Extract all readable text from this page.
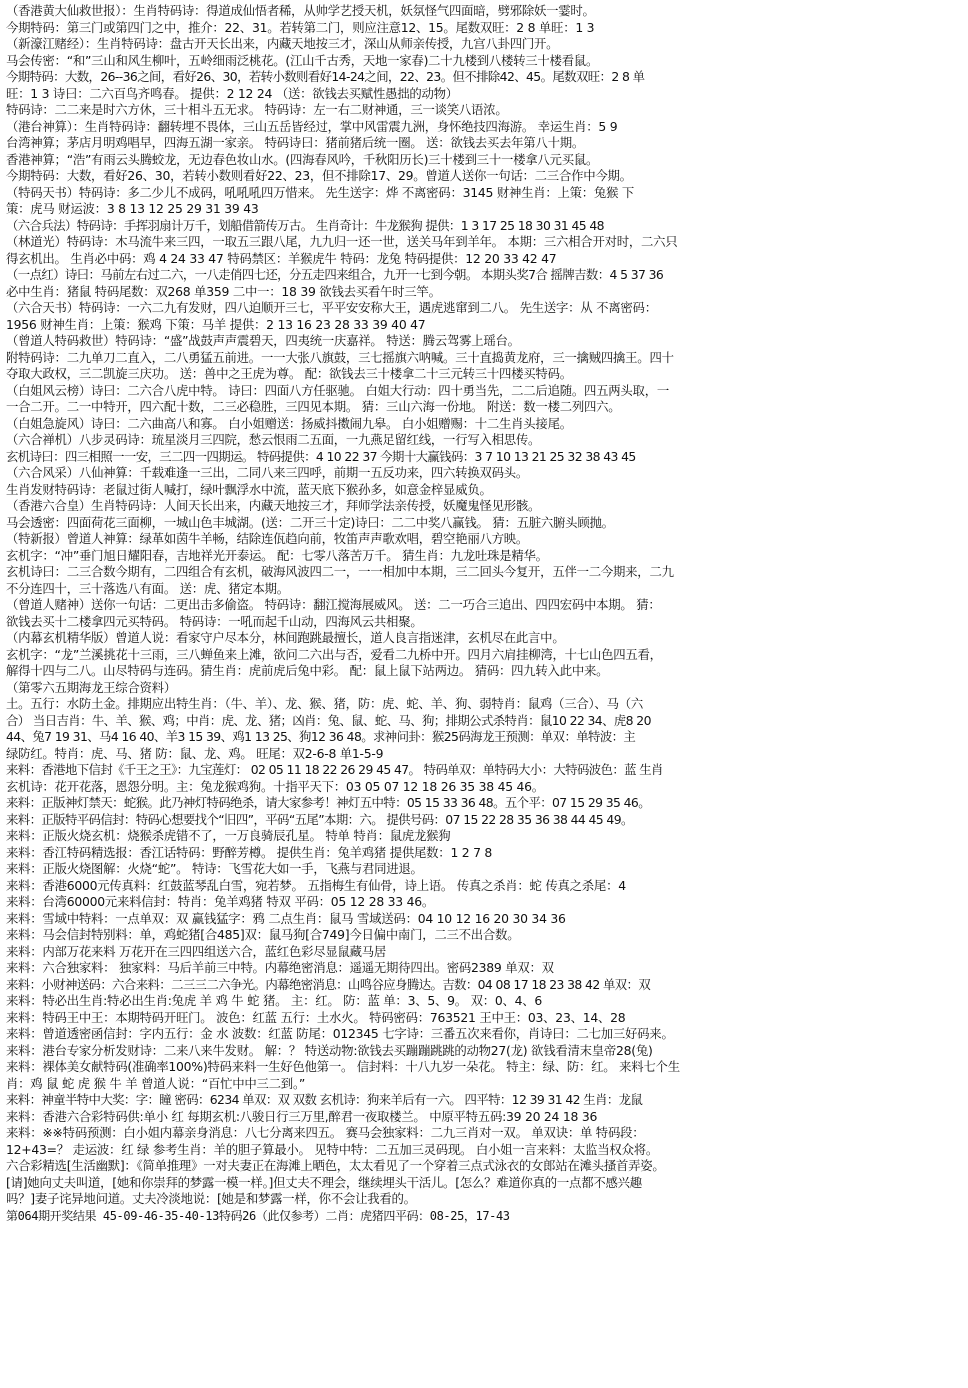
（香港黄大仙救世报）：生肖特码诗：得道成仙悟者稀，从帅学艺授天机，妖氛怪气四面暗，劈邪除妖一霎时。
今期特码：第三门或第四门之中，推介：22、31。若转第二门，则应注意12、15。尾数双旺：2 8 单旺：1 3
（新濠江赌经）：生肖特码诗：盘古开天长出来，内藏天地按三才，深山从师亲传授，九宫八卦四门开。
马会传密：“和”三山和风生柳叶，五岭细雨泛桃花。(江山千古秀，天地一家春)二十九楼到八楼转三十楼看鼠。
今期特码：大数，26--36之间，看好26、30，若转小数则看好14-24之间，22、23。但不排除42、45。尾数双旺：2 8 单
旺：1 3 诗曰：二六百鸟齐鸣春。 提供：2 12 24 （送：欲钱去买赋性愚拙的动物）
特码诗：二二来是时六方休，三十相斗五无求。 特码诗：左一右二财神通，三一谈笑八语浓。
（港台神算）：生肖特码诗：翻转埋不畏体，三山五岳皆经过，掌中风雷震九洲，身怀绝技四海游。 幸运生肖：5 9
台湾神算；茅店月明鸡唱早，四海五湖一家亲。 特码诗曰：猪前猪后统一圈。 送：欲钱去买去年第八十期。
香港神算；“浩”有雨云头腾蛟龙，无边春色妆山水。(四海春风吟，千秋阳历长)三十楼到三十一楼拿八元买鼠。
今期特码：大数，看好26、30，若转小数则看好22、23，但不排除17、29。曾道人送你一句话：二三合作中今期。
（特码天书）特码诗：多二少儿不成码，吼吼吼四万惜来。 先生送字：烨 不离密码：3145 财神生肖：上策：兔猴 下
策：虎马 财运波：3 8 13 12 25 29 31 39 43
（六合兵法）特码诗：手挥羽扇计万千，划船借箭传万古。 生肖奇计：牛龙猴狗 提供：1 3 17 25 18 30 31 45 48
（林道光）特码诗：木马流牛来三四，一取五三跟八尾，九九归一还一世，送关马年到羊年。 本期：三六相合开对时，二六只
得玄机出。 生肖必中码：鸡 4 24 33 47 特码禁区：羊猴虎牛 特码：龙兔 特码提供：12 20 33 42 47
（一点红）诗曰：马前左右过二六，一八走俏四七还，分五走四来组合，九开一七到今朝。 本期头奖7合 摇牌吉数：4 5 37 36
必中生肖：猪鼠 特码尾数：双268 单359 二中一：18 39 欲钱去买看午时三竿。
（六合天书）特码诗：一六二九有发财，四八迫顺开三七，平平安安称大王，遇虎逃窜到二八。 先生送字：从 不离密码：
1956 财神生肖：上策：猴鸡 下策：马羊 提供：2 13 16 23 28 33 39 40 47
（曾道人特码救世）特码诗：“盛”战鼓声声震碧天，四夷统一庆嘉祥。 特送：腾云驾雾上瑶台。
附特码诗：二九单刀二直入，二八勇猛五前进。一一大张八旗鼓，三七摇旗六呐喊。三十直捣黄龙府，三一擒贼四擒王。四十
夺取大政权，三二凯旋三庆功。 送：兽中之王虎为尊。 配：欲钱去三十楼拿二十三元转三十四楼买特码。
（白姐风云榜）诗曰：二六合八虎中特。 诗曰：四面八方任驱驰。 白姐大行动：四十勇当先，二二后追随。四五两头取，一
一合二开。二一中特开，四六配十数，二三必稳胜，三四见本期。 猜：三山六海一份地。 附送：数一楼二列四六。
（白姐急旋风）诗曰：二六曲高八和寡。 白小姐赠送：扬威抖擞闹九皋。 白小姐赠赐：十二生肖头接尾。
（六合禅机）八步灵码诗：琉星淡月三四院，愁云恨雨二五面，一九燕足留红线，一行写入相思传。
玄机诗曰：四三相照一一安，三二四一四期运。 特码提供：4 10 22 37 今期十大赢钱码：3 7 10 13 21 25 32 38 43 45
（六合风采）八仙神算：千载难逢一三出，二同八来三四呼，前期一五反功来，四六转换双码头。
生肖发财特码诗：老鼠过街人喊打，绿叶飘浮水中流，蓝天底下猴孙多，如意金梓显威负。
（香港六合皇）生肖特码诗：人间天长出来，内藏天地按三才，拜师学法亲传授，妖魔鬼怪见形骸。
马会透密：四面荷花三面柳，一城山色丰城湖。(送：二开三十定)诗曰：二二中奖八赢钱。 猜：五脏六腑头顾抛。
（特新报）曾道人神算：绿革如茵牛羊畅，结除连佤趋向前，牧笛声声歌欢唱，碧空艳丽八方映。
玄机字：“冲”垂门旭日耀阳春，吉地祥光开泰运。 配：七零八落苦万千。 猜生肖：九龙吐珠是精华。
玄机诗曰：二三合数今期有，二四组合有玄机，破海风波四二一，一一相加中本期，三二回头今复开，五伴一二今期来，二九
不分连四十，三十落选八有面。 送：虎、猪定本期。
（曾道人赌神）送你一句话：二更出击多偷盗。 特码诗：翻江搅海展威风。 送：二一巧合三追出、四四宏码中本期。 猜：
欲钱去买十二楼拿四元买特码。 特码诗：一吼而起千山动，四海风云共相聚。
（内幕玄机精华版）曾道人说：看家守户尽本分，林间跑跳最擅长，道人良言指迷津，玄机尽在此言中。
玄机字：“龙”兰溪挑花十三雨，三八蝉鱼来上滩，欲问二六出与否，爱看二九桥中开。四月六肩挂柳湾，十七山色四五看，
解得十四与二八。山尽特码与连码。猜生肖：虎前虎后兔中彩。 配：鼠上鼠下站两边。 猜码：四九转入此中来。
（第零六五期海龙王综合资料）
土。五行：水防土金。排期应出特生肖：（牛、羊）、龙、猴、猪，防：虎、蛇、羊、狗、弱特肖：鼠鸡（三合）、马（六
合） 当日吉肖：牛、羊、猴、鸡；中肖：虎、龙、猪；凶肖：兔、鼠、蛇、马、狗；排期公式杀特肖：鼠10 22 34、虎8 20
44、兔7 19 31、马4 16 40、羊3 15 39、鸡1 13 25、狗12 36 48。求神问卦：猴25码海龙王预测：单双：单特波：主
绿防红。特肖：虎、马、猪 防：鼠、龙、鸡。 旺尾：双2-6-8 单1-5-9
来料：香港地下信封《千王之王》：九宝莲灯： 02 05 11 18 22 26 29 45 47。 特码单双：单特码大小：大特码波色：蓝 生肖
玄机诗：花开花落，恩怨分明。主：兔龙猴鸡狗。十指平天下：03 05 07 12 18 26 35 38 45 46。
来料：正版神灯禁天：蛇猴。此乃神灯特码绝杀，请大家参考！神灯五中特：05 15 33 36 48。五个平：07 15 29 35 46。
来料：正版特平码信封：特码心想要找个“旧四”，平码“五尾”本期：六。 提供号码：07 15 22 28 35 36 38 44 45 49。
来料：正版火烧玄机：烧猴杀虎错不了，一万良骑辰孔星。 特单 特肖：鼠虎龙猴狗
来料：香江特码精选报：香江话特码：野醉芳樽。 提供生肖：兔羊鸡猪 提供尾数：1 2 7 8
来料：正版火烧图解：火烧“蛇”。 特诗：飞雪花大如一手，飞燕与君同进退。
来料：香港6000元传真料：红鼓蓝琴乱白雪，宛若梦。 五指梅生有仙骨，诗上语。 传真之杀肖：蛇 传真之杀尾：4
来料：台湾60000元来料信封：特肖：兔羊鸡猪 特双 平码：05 12 28 33 46。
来料：雪域中特料：一点单双：双 赢钱猛字：鸦 二点生肖：鼠马 雪域送码：04 10 12 16 20 30 34 36
来料：马会信封特别料：单，鸡蛇猪[合485]双：鼠马狗[合749]今日偏中南门，二三不出合数。
来料：内部万花来料 万花开在三四四组送六合，蓝红色彩尽显鼠藏马居
来料：六合独家料： 独家料：马后羊前三中特。内幕绝密消息：遥遥无期待四出。密码2389 单双：双
来料：小财神送码：六合来料：二三三二六争光。内幕绝密消息：山鸣谷应身腾达。吉数：04 08 17 18 23 38 42 单双：双
来料：特必出生肖:特必出生肖:兔虎 羊 鸡 牛 蛇 猪。 主：红。 防：蓝 单：3、5、9。 双：0、4、6
来料：特码王中王：本期特码开旺门。 波色：红蓝 五行：土水火。 特码密码：763521 王中王：03、23、14、28
来料：曾道透密函信封：字内五行：金 水 波数：红蓝 防尾：012345 七字诗：三番五次来看你，肖诗曰：二七加三好码来。
来料：港台专家分析发财诗：二来八来牛发财。 解：？ 特送动物:欲钱去买蹦蹦跳跳的动物27(龙) 欲钱看清末皇帝28(兔)
来料：裸体美女献特码(准确率100%)特码来料一生好色他第一。 信封料：十八九岁一朵花。 特主：绿、防：红。 来料七个生
肖：鸡 鼠 蛇 虎 猴 牛 羊 曾道人说：“百忙中中三二到。”
来料：神童半特中大奖：字：瞳 密码：6234 单双：双 双数 玄机诗：狗来羊后有一六。 四平特：12 39 31 42 生肖：龙鼠
来料：香港六合彩特码供:单小 红 每期玄机:八骏日行三万里,醉君一夜取楼兰。 中原平特五码:39 20 24 18 36
来料：※※特码预测：白小姐内幕亲身消息：八七分离来四五。 赛马会独家料：二九三肖对一双。 单双诀：单 特码段：
12+43=？ 走运波：红 绿 参考生肖：羊的胆子算最小。 见特中特：二五加三灵码现。 白小姐一言来料：太监当权众将。
六合彩精选[生活幽默]：《简单推理》一对夫妻正在海滩上晒色，太太看见了一个穿着三点式泳衣的女郎站在滩头搔首弄姿。
[请]她向丈夫叫道，[她和你崇拜的梦露一模一样。]但丈夫不理会，继续埋头干活儿。[怎么？难道你真的一点都不感兴趣
吗？]妻子诧异地问道。丈夫冷淡地说：[她是和梦露一样，你不会让我看的。
第064期开奖结果 45-09-46-35-40-13特码26（此仅参考）二肖：虎猪四平码：08-25，17-43
